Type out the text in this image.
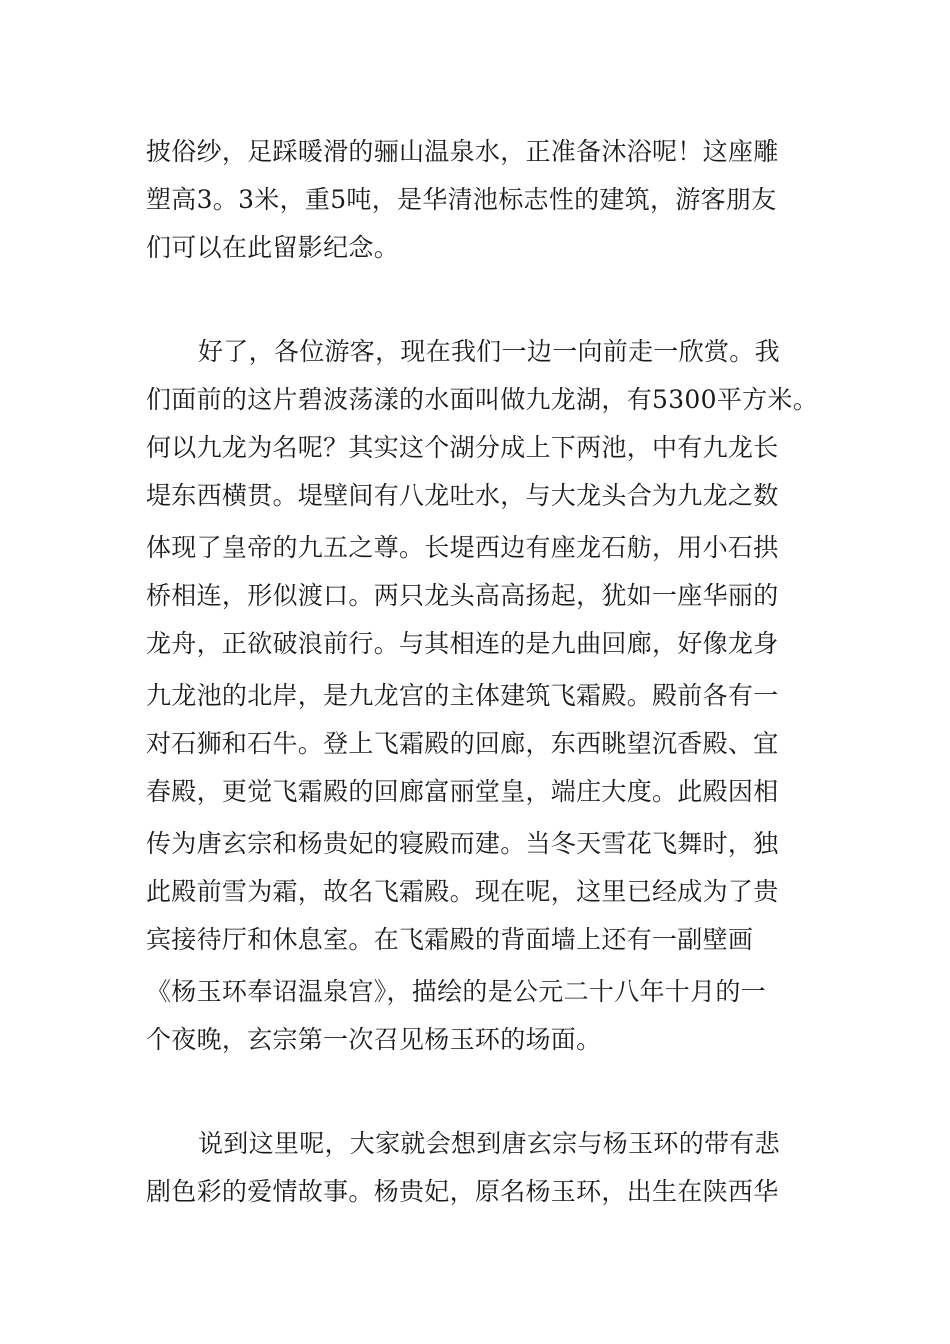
披俗纱，足踩暖滑的骊山温泉水，正准备沐浴呢！这座雕
塑高3。3米，重5吨，是华清池标志性的建筑，游客朋友
们可以在此留影纪念。
好了，各位游客，现在我们一边一向前走一欣赏。我
们面前的这片碧波荡漾的水面叫做九龙湖，有5300平方米。
何以九龙为名呢？其实这个湖分成上下两池，中有九龙长
堤东西横贯。堤壁间有八龙吐水，与大龙头合为九龙之数
体现了皇帝的九五之尊。长堤西边有座龙石舫，用小石拱
桥相连，形似渡口。两只龙头高高扬起，犹如一座华丽的
龙舟，正欲破浪前行。与其相连的是九曲回廊，好像龙身
九龙池的北岸，是九龙宫的主体建筑飞霜殿。殿前各有一
对石狮和石牛。登上飞霜殿的回廊，东西眺望沉香殿、宜
春殿，更觉飞霜殿的回廊富丽堂皇，端庄大度。此殿因相
传为唐玄宗和杨贵妃的寝殿而建。当冬天雪花飞舞时，独
此殿前雪为霜，故名飞霜殿。现在呢，这里已经成为了贵
宾接待厅和休息室。在飞霜殿的背面墙上还有一副壁画
《杨玉环奉诏温泉宫》，描绘的是公元二十八年十月的一
个夜晚，玄宗第一次召见杨玉环的场面。
说到这里呢，大家就会想到唐玄宗与杨玉环的带有悲
剧色彩的爱情故事。杨贵妃，原名杨玉环，出生在陕西华
